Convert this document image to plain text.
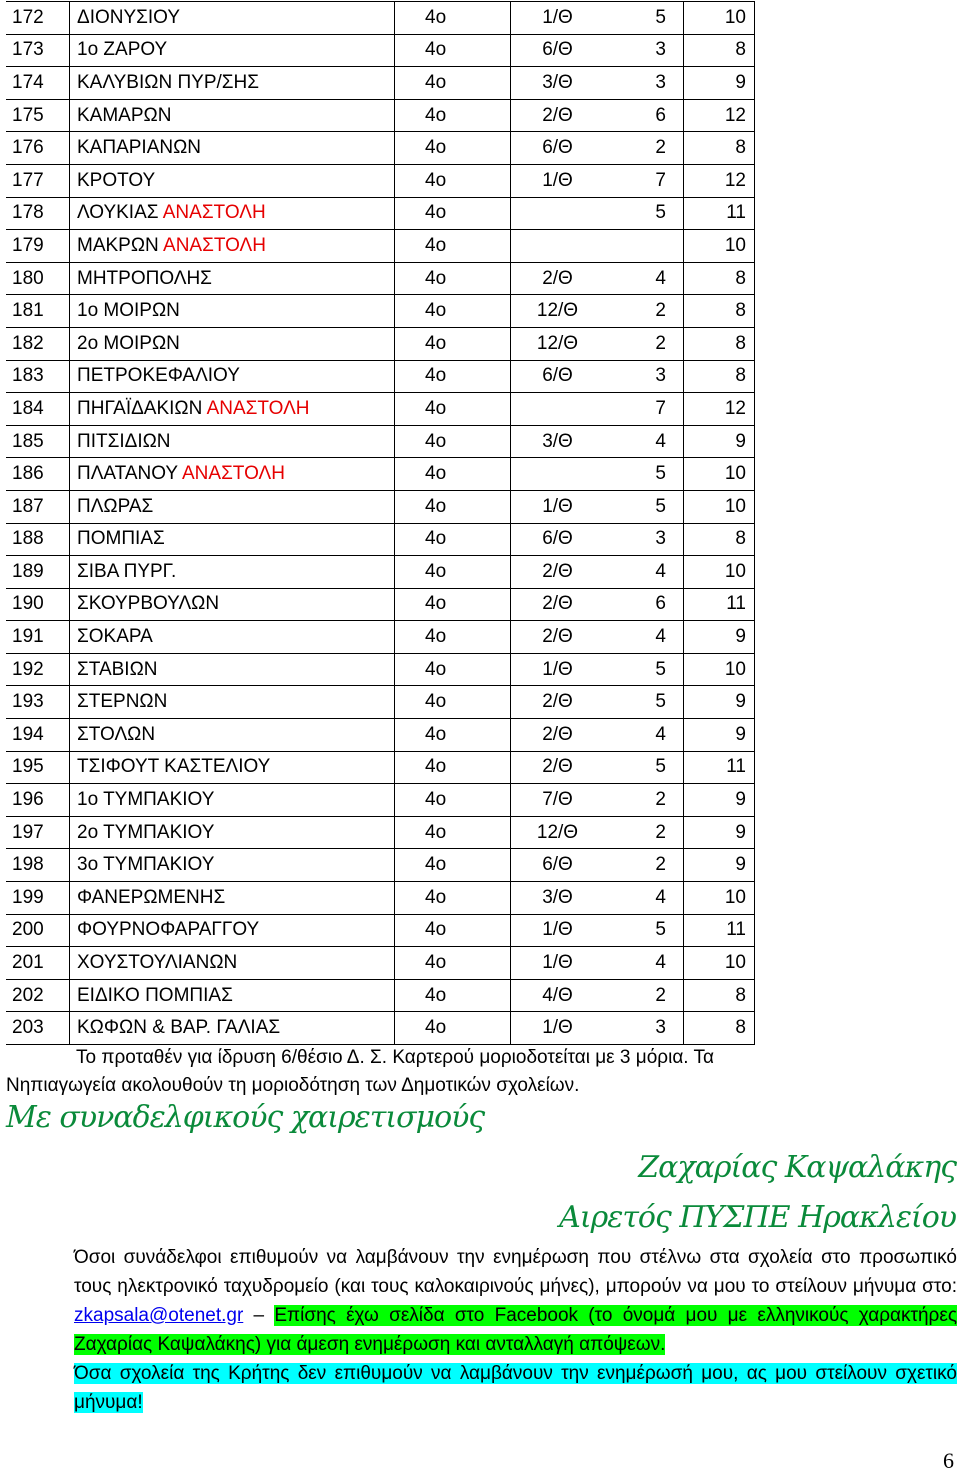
172	ΔΙΟΝΥΣΙΟΥ	4ο	1/Θ	5	10
173	1ο ΖΑΡΟΥ	4ο	6/Θ	3	8
174	ΚΑΛΥΒΙΩΝ ΠΥΡ/ΣΗΣ	4ο	3/Θ	3	9
175	ΚΑΜΑΡΩΝ	4ο	2/Θ	6	12
176	ΚΑΠΑΡΙΑΝΩΝ	4ο	6/Θ	2	8
177	ΚΡΟΤΟΥ	4ο	1/Θ	7	12
178	ΛΟΥΚΙΑΣ ΑΝΑΣΤΟΛΗ	4ο		5	11
179	ΜΑΚΡΩΝ ΑΝΑΣΤΟΛΗ	4ο			10
180	ΜΗΤΡΟΠΟΛΗΣ	4ο	2/Θ	4	8
181	1ο ΜΟΙΡΩΝ	4ο	12/Θ	2	8
182	2ο ΜΟΙΡΩΝ	4ο	12/Θ	2	8
183	ΠΕΤΡΟΚΕΦΑΛΙΟΥ	4ο	6/Θ	3	8
184	ΠΗΓΑΪΔΑΚΙΩΝ ΑΝΑΣΤΟΛΗ	4ο		7	12
185	ΠΙΤΣΙΔΙΩΝ	4ο	3/Θ	4	9
186	ΠΛΑΤΑΝΟΥ ΑΝΑΣΤΟΛΗ	4ο		5	10
187	ΠΛΩΡΑΣ	4ο	1/Θ	5	10
188	ΠΟΜΠΙΑΣ	4ο	6/Θ	3	8
189	ΣΙΒΑ ΠΥΡΓ.	4ο	2/Θ	4	10
190	ΣΚΟΥΡΒΟΥΛΩΝ	4ο	2/Θ	6	11
191	ΣΟΚΑΡΑ	4ο	2/Θ	4	9
192	ΣΤΑΒΙΩΝ	4ο	1/Θ	5	10
193	ΣΤΕΡΝΩΝ	4ο	2/Θ	5	9
194	ΣΤΟΛΩΝ	4ο	2/Θ	4	9
195	ΤΣΙΦΟΥΤ ΚΑΣΤΕΛΙΟΥ	4ο	2/Θ	5	11
196	1ο ΤΥΜΠΑΚΙΟΥ	4ο	7/Θ	2	9
197	2ο ΤΥΜΠΑΚΙΟΥ	4ο	12/Θ	2	9
198	3ο ΤΥΜΠΑΚΙΟΥ	4ο	6/Θ	2	9
199	ΦΑΝΕΡΩΜΕΝΗΣ	4ο	3/Θ	4	10
200	ΦΟΥΡΝΟΦΑΡΑΓΓΟΥ	4ο	1/Θ	5	11
201	ΧΟΥΣΤΟΥΛΙΑΝΩΝ	4ο	1/Θ	4	10
202	ΕΙΔΙΚΟ ΠΟΜΠΙΑΣ	4ο	4/Θ	2	8
203	ΚΩΦΩΝ & ΒΑΡ. ΓΑΛΙΑΣ	4ο	1/Θ	3	8
Το προταθέν για ίδρυση 6/θέσιο Δ. Σ. Καρτερού μοριοδοτείται με 3 μόρια. Τα
Νηπιαγωγεία ακολουθούν τη μοριοδότηση των Δημοτικών σχολείων.
Με συναδελφικούς χαιρετισμούς
Ζαχαρίας Καψαλάκης
Αιρετός ΠΥΣΠΕ Ηρακλείου

Όσοι συνάδελφοι επιθυμούν να λαμβάνουν την ενημέρωση που στέλνω στα σχολεία στο προσωπικό τους ηλεκτρονικό ταχυδρομείο (και τους καλοκαιρινούς μήνες), μπορούν να μου το στείλουν μήνυμα στο: zkapsala@otenet.gr – Επίσης έχω σελίδα στο Facebook (το όνομά μου με ελληνικούς χαρακτήρες Ζαχαρίας Καψαλάκης) για άμεση ενημέρωση και ανταλλαγή απόψεων.

Όσα σχολεία της Κρήτης δεν επιθυμούν να λαμβάνουν την ενημέρωσή μου, ας μου στείλουν σχετικό μήνυμα!

6
